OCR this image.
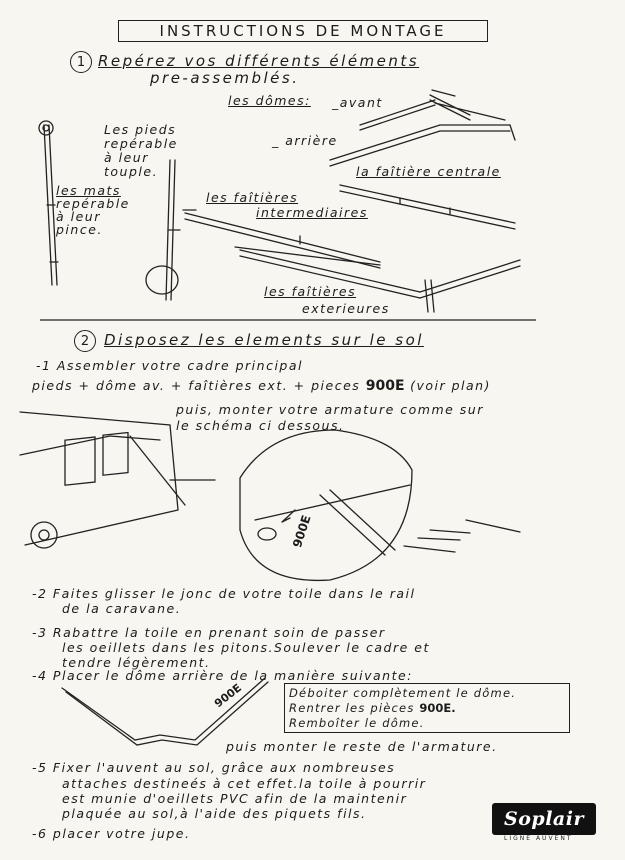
INSTRUCTIONS DE MONTAGE
1 Repérez vos différents éléments
pre-assemblés.
les dômes: _avant
_ arrière
Les pieds
repérable
à leur
touple.
les mats
repérable
à leur
pince.
la faîtière centrale
les faîtières
intermediaires
les faîtières
exterieures
2 Disposez les elements sur le sol
-1 Assembler votre cadre principal
pieds + dôme av. + faîtières ext. + pieces 900E (voir plan)
puis, monter votre armature comme sur
le schéma ci dessous.
900E
-2 Faites glisser le jonc de votre toile dans le rail
de la caravane.
-3 Rabattre la toile en prenant soin de passer
les oeillets dans les pitons.Soulever le cadre et
tendre légèrement.
-4 Placer le dôme arrière de la manière suivante:
900E	Déboiter complètement le dôme.
Rentrer les pièces 900E.
Remboîter le dôme.
puis monter le reste de l'armature.
-5 Fixer l'auvent au sol, grâce aux nombreuses
attaches destineés à cet effet.la toile à pourrir
est munie d'oeillets PVC afin de la maintenir
plaquée au sol,à l'aide des piquets fils.
-6 placer votre jupe.
Soplair
LIGNE AUVENT
